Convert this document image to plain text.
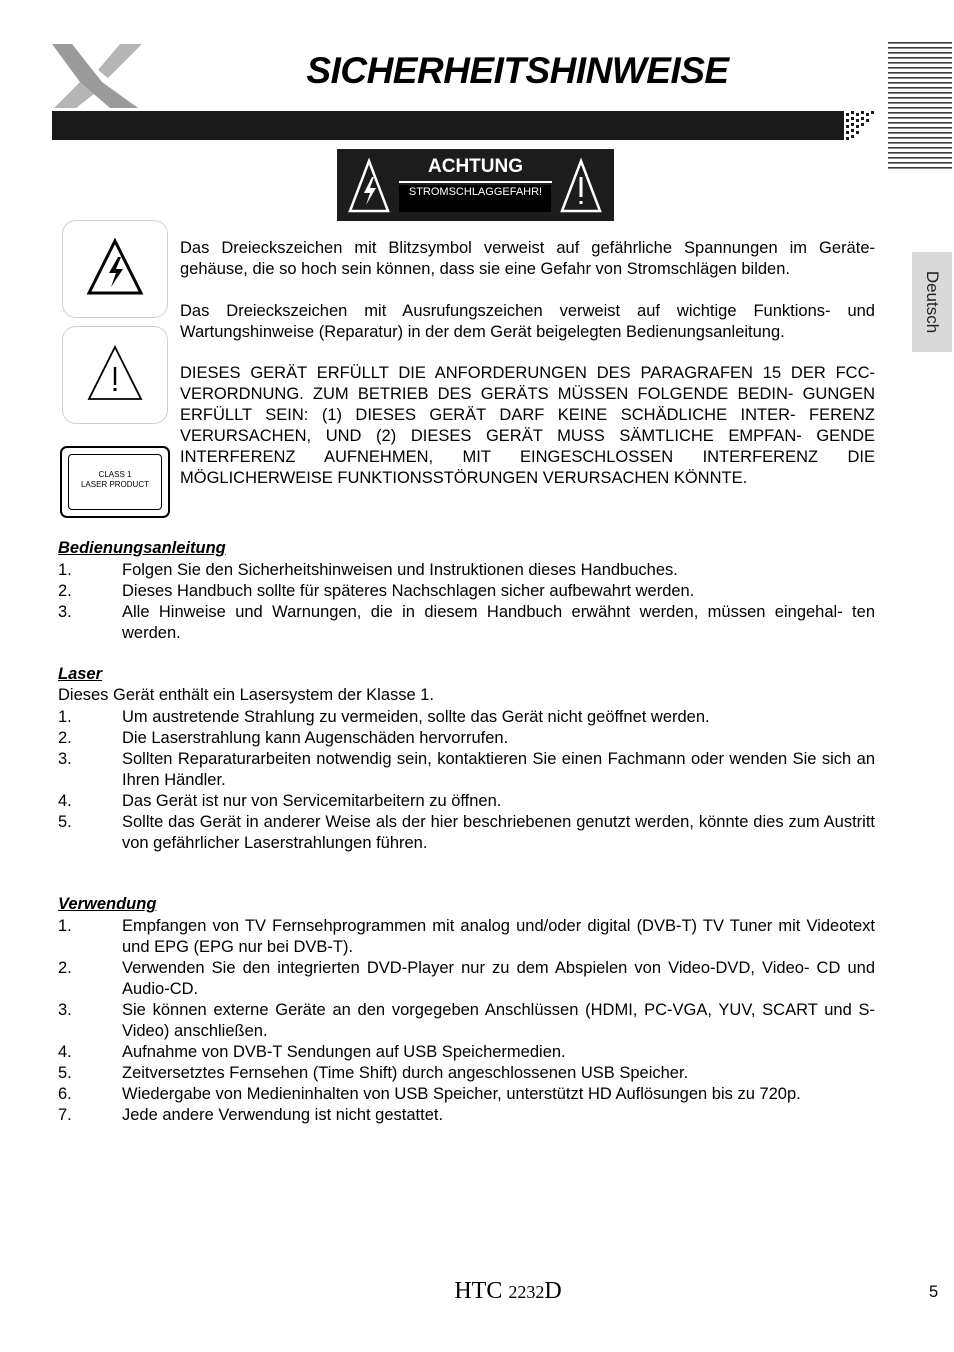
SICHERHEITSHINWEISE
Deutsch
ACHTUNG
STROMSCHLAGGEFAHR!
CLASS 1
LASER PRODUCT
Das Dreieckszeichen mit Blitzsymbol verweist auf gefährliche Spannungen im Geräte- gehäuse, die so hoch sein können, dass sie eine Gefahr von Stromschlägen bilden.
Das Dreieckszeichen mit Ausrufungszeichen verweist auf wichtige Funktions- und Wartungshinweise (Reparatur) in der dem Gerät beigelegten Bedienungsanleitung.
DIESES GERÄT ERFÜLLT DIE ANFORDERUNGEN DES PARAGRAFEN 15 DER FCC-VERORDNUNG. ZUM BETRIEB DES GERÄTS MÜSSEN FOLGENDE BEDIN- GUNGEN ERFÜLLT SEIN: (1) DIESES GERÄT DARF KEINE SCHÄDLICHE INTER- FERENZ VERURSACHEN, UND (2) DIESES GERÄT MUSS SÄMTLICHE EMPFAN- GENDE INTERFERENZ AUFNEHMEN, MIT EINGESCHLOSSEN INTERFERENZ DIE MÖGLICHERWEISE FUNKTIONSSTÖRUNGEN VERURSACHEN KÖNNTE.
Bedienungsanleitung
1.	Folgen Sie den Sicherheitshinweisen und Instruktionen dieses Handbuches.
2.	Dieses Handbuch sollte für späteres Nachschlagen sicher aufbewahrt werden.
3.	Alle Hinweise und Warnungen, die in diesem Handbuch erwähnt werden, müssen eingehal- ten werden.
Laser
Dieses Gerät enthält ein Lasersystem der Klasse 1.
1.	Um austretende Strahlung zu vermeiden, sollte das Gerät nicht geöffnet werden.
2.	Die Laserstrahlung kann Augenschäden hervorrufen.
3.	Sollten Reparaturarbeiten notwendig sein, kontaktieren Sie einen Fachmann oder wenden Sie sich an Ihren Händler.
4.	Das Gerät ist nur von Servicemitarbeitern zu öffnen.
5.	Sollte das Gerät in anderer Weise als der hier beschriebenen genutzt werden, könnte dies zum Austritt von gefährlicher Laserstrahlungen führen.
Verwendung
1.	Empfangen von TV Fernsehprogrammen mit analog und/oder digital (DVB-T) TV Tuner mit Videotext und EPG (EPG nur bei DVB-T).
2.	Verwenden Sie den integrierten DVD-Player nur zu dem Abspielen von Video-DVD, Video- CD und Audio-CD.
3.	Sie können externe Geräte an den vorgegeben Anschlüssen (HDMI, PC-VGA, YUV, SCART und S-Video) anschließen.
4.	Aufnahme von DVB-T Sendungen auf USB Speichermedien.
5.	Zeitversetztes Fernsehen (Time Shift) durch angeschlossenen USB Speicher.
6.	Wiedergabe von Medieninhalten von USB Speicher, unterstützt HD Auflösungen bis zu 720p.
7.	Jede andere Verwendung ist nicht gestattet.
HTC 2232D	5
